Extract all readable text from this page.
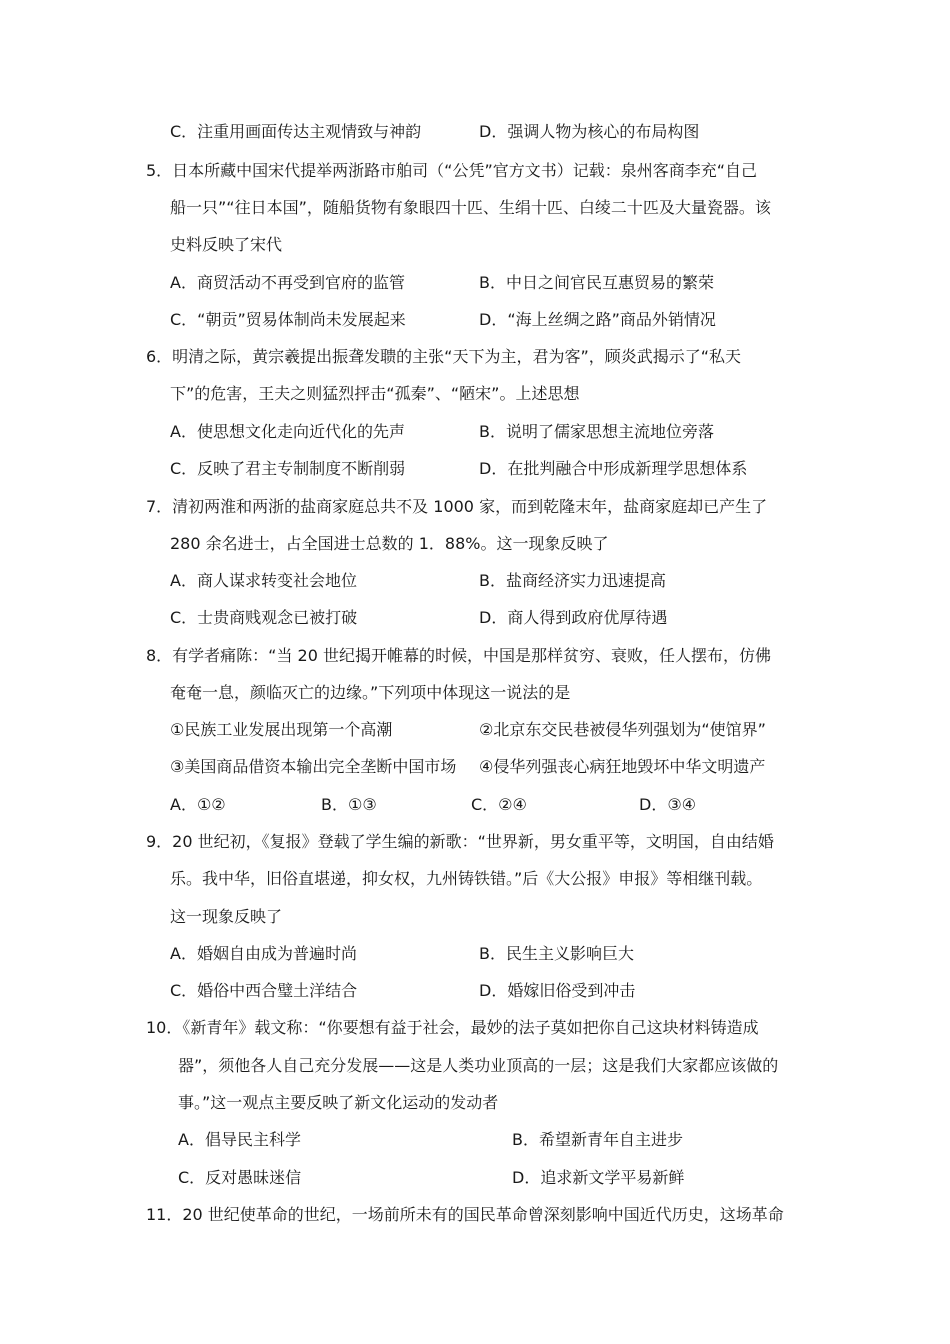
C．注重用画面传达主观情致与神韵	D．强调人物为核心的布局构图
5．日本所藏中国宋代提举两浙路市舶司（“公凭”官方文书）记载：泉州客商李充“自己
船一只”“往日本国”，随船货物有象眼四十匹、生绢十匹、白绫二十匹及大量瓷器。该
史料反映了宋代
A．商贸活动不再受到官府的监管	B．中日之间官民互惠贸易的繁荣
C．“朝贡”贸易体制尚未发展起来	D．“海上丝绸之路”商品外销情况
6．明清之际，黄宗羲提出振聋发聩的主张“天下为主，君为客”，顾炎武揭示了“私天
下”的危害，王夫之则猛烈抨击“孤秦”、“陋宋”。上述思想
A．使思想文化走向近代化的先声	B．说明了儒家思想主流地位旁落
C．反映了君主专制制度不断削弱	D．在批判融合中形成新理学思想体系
7．清初两淮和两浙的盐商家庭总共不及 1000 家，而到乾隆末年，盐商家庭却已产生了
280 余名进士，占全国进士总数的 1．88%。这一现象反映了
A．商人谋求转变社会地位	B．盐商经济实力迅速提高
C．士贵商贱观念已被打破	D．商人得到政府优厚待遇
8．有学者痛陈：“当 20 世纪揭开帷幕的时候，中国是那样贫穷、衰败，任人摆布，仿佛
奄奄一息，颜临灭亡的边缘。”下列项中体现这一说法的是
①民族工业发展出现第一个高潮	②北京东交民巷被侵华列强划为“使馆界”
③美国商品借资本输出完全垄断中国市场 ④侵华列强丧心病狂地毁坏中华文明遗产
A．①②	B．①③	C．②④	D．③④
9．20 世纪初，《复报》登载了学生编的新歌：“世界新，男女重平等，文明国，自由结婚
乐。我中华，旧俗直堪递，抑女权，九州铸铁错。”后《大公报》申报》等相继刊载。
这一现象反映了
A．婚姻自由成为普遍时尚	B．民生主义影响巨大
C．婚俗中西合璧土洋结合	D．婚嫁旧俗受到冲击
10．《新青年》载文称：“你要想有益于社会，最妙的法子莫如把你自己这块材料铸造成
器”，须他各人自己充分发展——这是人类功业顶高的一层；这是我们大家都应该做的
事。”这一观点主要反映了新文化运动的发动者
A．倡导民主科学	B．希望新青年自主进步
C．反对愚昧迷信	D．追求新文学平易新鲜
11．20 世纪使革命的世纪，一场前所未有的国民革命曾深刻影响中国近代历史，这场革命
